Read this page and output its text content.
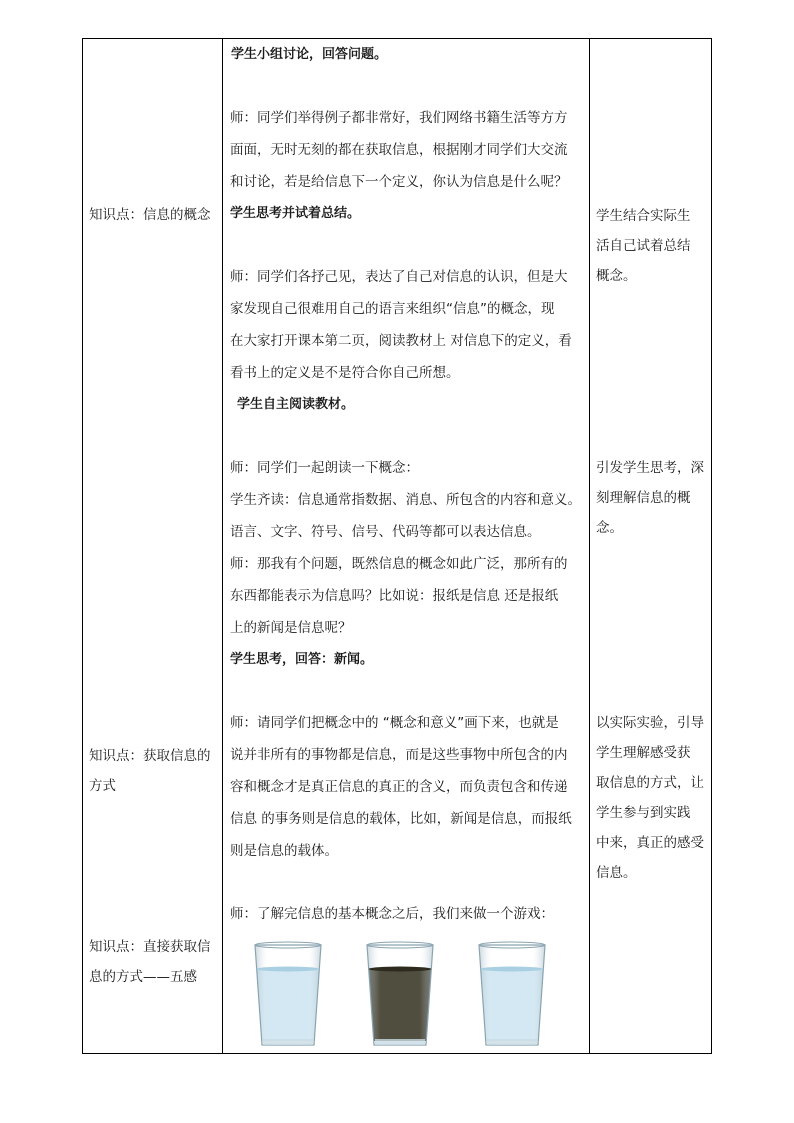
知识点：信息的概念
知识点：获取信息的
方式
知识点：直接获取信
息的方式——五感

学生小组讨论，回答问题。

师：同学们举得例子都非常好，我们网络书籍生活等方方

面面，无时无刻的都在获取信息，根据刚才同学们大交流

和讨论，若是给信息下一个定义，你认为信息是什么呢？

学生思考并试着总结。

师：同学们各抒己见，表达了自己对信息的认识，但是大

家发现自己很难用自己的语言来组织“信息”的概念，现

在大家打开课本第二页，阅读教材上 对信息下的定义，看

看书上的定义是不是符合你自己所想。

学生自主阅读教材。

师：同学们一起朗读一下概念：

学生齐读：信息通常指数据、消息、所包含的内容和意义。

语言、文字、符号、信号、代码等都可以表达信息。

师：那我有个问题，既然信息的概念如此广泛，那所有的

东西都能表示为信息吗？比如说：报纸是信息 还是报纸

上的新闻是信息呢？

学生思考，回答：新闻。

师：请同学们把概念中的 “概念和意义”画下来，也就是

说并非所有的事物都是信息，而是这些事物中所包含的内

容和概念才是真正信息的真正的含义，而负责包含和传递

信息 的事务则是信息的载体，比如，新闻是信息，而报纸

则是信息的载体。

师：了解完信息的基本概念之后，我们来做一个游戏：

学生结合实际生
活自己试着总结
概念。
引发学生思考，深
刻理解信息的概
念。
以实际实验，引导
学生理解感受获
取信息的方式，让
学生参与到实践
中来，真正的感受
信息。
